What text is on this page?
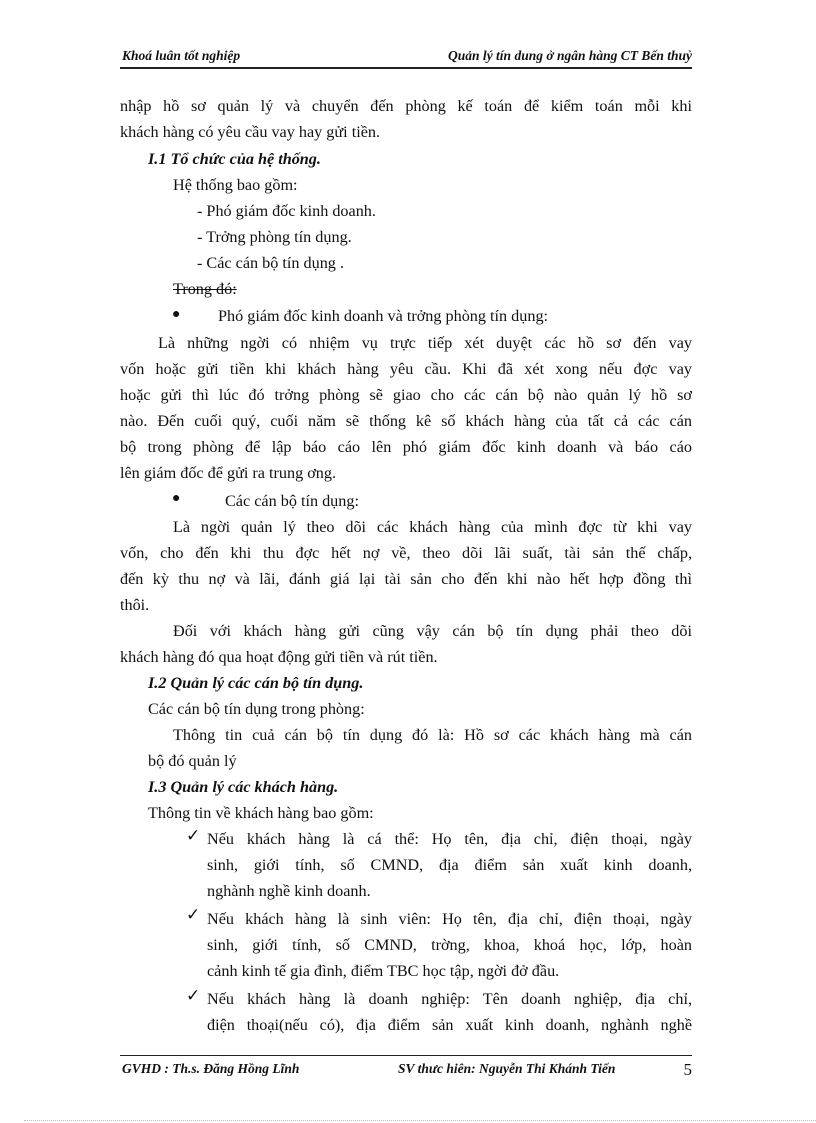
Khoá luân tốt nghiệp	Quản lý tín dung ở ngân hàng CT Bến thuỷ
nhập hồ sơ quản lý và chuyển đến phòng kế toán để kiểm toán mỗi khi
khách hàng có yêu cầu vay hay gửi tiền.
I.1 Tổ chức của hệ thống.
Hệ thống bao gồm:
- Phó giám đốc kinh doanh.
- Trởng phòng tín dụng.
- Các cán bộ tín dụng .
Trong đó:
● Phó giám đốc kinh doanh và trởng phòng tín dụng:
Là những ngời có nhiệm vụ trực tiếp xét duyệt các hồ sơ đến vay
vốn hoặc gửi tiền khi khách hàng yêu cầu. Khi đã xét xong nếu đợc vay
hoặc gửi thì lúc đó trởng phòng sẽ giao cho các cán bộ nào quản lý hồ sơ
nào. Đến cuối quý, cuối năm sẽ thống kê số khách hàng của tất cả các cán
bộ trong phòng để lập báo cáo lên phó giám đốc kinh doanh và báo cáo
lên giám đốc để gửi ra trung ơng.
●	Các cán bộ tín dụng:
Là ngời quản lý theo dõi các khách hàng của mình đợc từ khi vay
vốn, cho đến khi thu đợc hết nợ về, theo dõi lãi suất, tài sản thế chấp,
đến kỳ thu nợ và lãi, đánh giá lại tài sản cho đến khi nào hết hợp đồng thì
thôi.
Đối với khách hàng gửi cũng vậy cán bộ tín dụng phải theo dõi
khách hàng đó qua hoạt động gửi tiền và rút tiền.
I.2 Quản lý các cán bộ tín dụng.
Các cán bộ tín dụng trong phòng:
Thông tin cuả cán bộ tín dụng đó là: Hồ sơ các khách hàng mà cán
bộ đó quản lý
I.3 Quản lý các khách hàng.
Thông tin về khách hàng bao gồm:
✓ Nếu khách hàng là cá thể: Họ tên, địa chỉ, điện thoại, ngày
sinh, giới tính, số CMND, địa điểm sản xuất kinh doanh,
nghành nghề kinh doanh.
✓ Nếu khách hàng là sinh viên: Họ tên, địa chỉ, điện thoại, ngày
sinh, giới tính, số CMND, trờng, khoa, khoá học, lớp, hoàn
cảnh kinh tế gia đình, điểm TBC học tập, ngời đở đầu.
✓ Nếu khách hàng là doanh nghiệp: Tên doanh nghiệp, địa chỉ,
điện thoại(nếu có), địa điểm sản xuất kinh doanh, nghành nghề
GVHD : Th.s. Đăng Hồng Lĩnh	SV thưc hiên: Nguyễn Thi Khánh Tiến	5
